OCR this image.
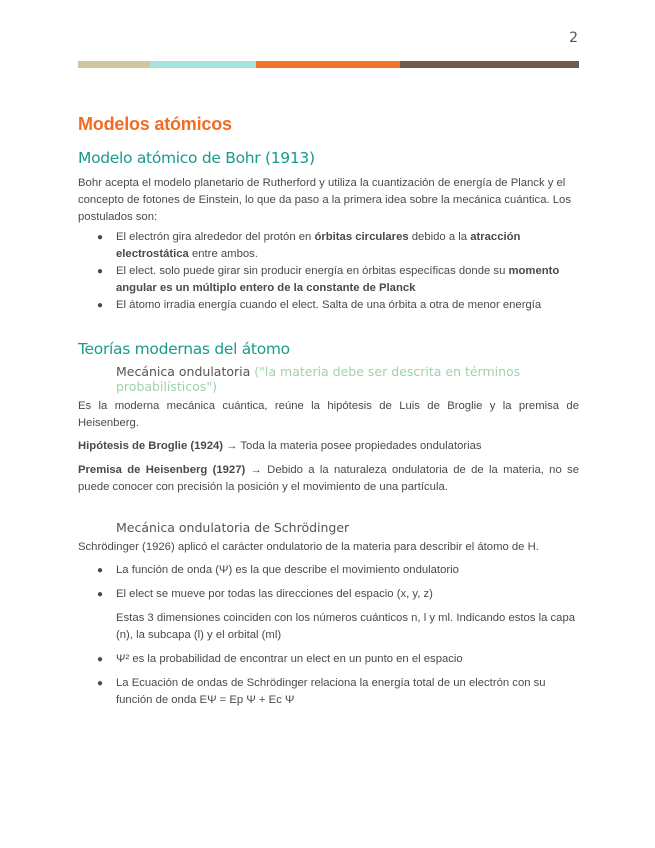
2
Modelos atómicos
Modelo atómico de Bohr (1913)

Bohr acepta el modelo planetario de Rutherford y utiliza la cuantización de energía de Planck y el concepto de fotones de Einstein, lo que da paso a la primera idea sobre la mecánica cuántica. Los postulados son:

● El electrón gira alrededor del protón en órbitas circulares debido a la atracción electrostática entre ambos.
● El elect. solo puede girar sin producir energía en órbitas específicas donde su momento angular es un múltiplo entero de la constante de Planck
● El átomo irradia energía cuando el elect. Salta de una órbita a otra de menor energía
Teorías modernas del átomo
Mecánica ondulatoria ("la materia debe ser descrita en términos probabilísticos")

Es la moderna mecánica cuántica, reúne la hipótesis de Luis de Broglie y la premisa de Heisenberg.

Hipótesis de Broglie (1924) → Toda la materia posee propiedades ondulatorias

Premisa de Heisenberg (1927) → Debido a la naturaleza ondulatoria de de la materia, no se puede conocer con precisión la posición y el movimiento de una partícula.

Mecánica ondulatoria de Schrödinger

Schrödinger (1926) aplicó el carácter ondulatorio de la materia para describir el átomo de H.

● La función de onda (Ψ) es la que describe el movimiento ondulatorio
● El elect se mueve por todas las direcciones del espacio (x, y, z)

Estas 3 dimensiones coinciden con los números cuánticos n, l y ml. Indicando estos la capa (n), la subcapa (l) y el orbital (ml)

● Ψ² es la probabilidad de encontrar un elect en un punto en el espacio
● La Ecuación de ondas de Schrödinger relaciona la energía total de un electrón con su función de onda EΨ = Ep Ψ + Ec Ψ
